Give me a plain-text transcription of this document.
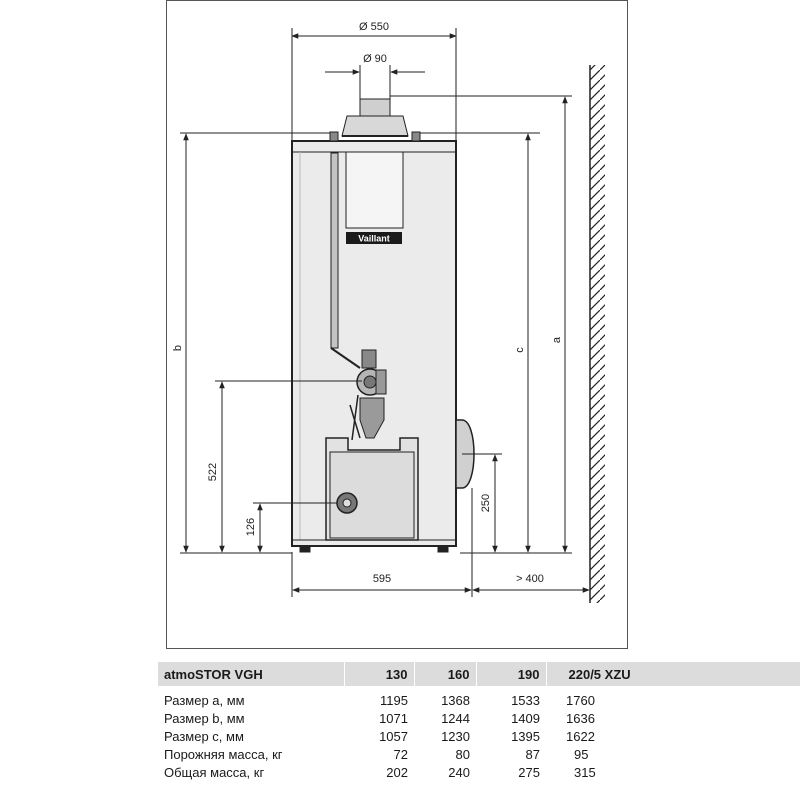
Vaillant
Ø 550
Ø 90
a
c
b
522
126
250
595	> 400
atmoSTOR VGH	130	160	190	220/5 XZU
Размер a, мм	1195	1368	1533	1760
Размер b, мм	1071	1244	1409	1636
Размер c, мм	1057	1230	1395	1622
Порожняя масса, кг	72	80	87	95
Общая масса, кг	202	240	275	315
